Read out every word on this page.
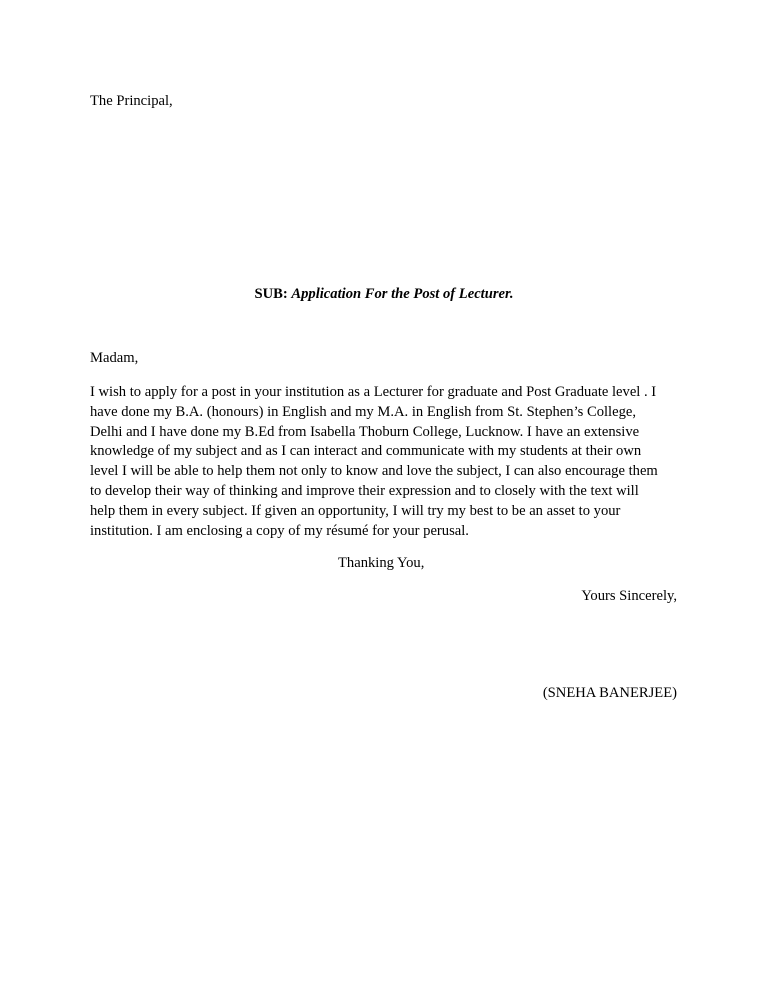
The Principal,
SUB: Application For the Post of Lecturer.
Madam,
I wish to apply for a post in your institution as a Lecturer for graduate and Post Graduate level . I
have done my B.A. (honours) in English and my M.A. in English from St. Stephen’s College,
Delhi and I have done my B.Ed from Isabella Thoburn College, Lucknow. I have an extensive
knowledge of my subject and as I can interact and communicate with my students at their own
level I will be able to help them not only to know and love the subject, I can also encourage them
to develop their way of thinking and improve their expression and to closely with the text will
help them in every subject. If given an opportunity, I will try my best to be an asset to your
institution. I am enclosing a copy of my résumé for your perusal.
Thanking You,
Yours Sincerely,
(SNEHA BANERJEE)
